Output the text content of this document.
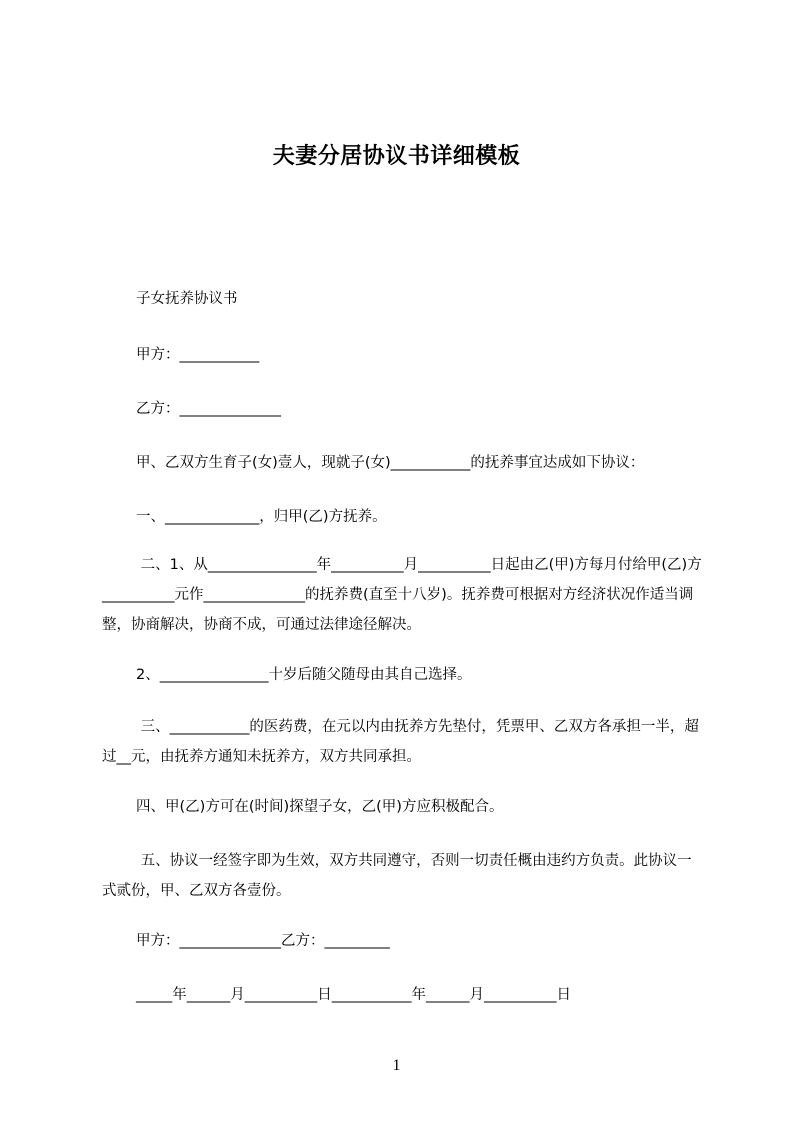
夫妻分居协议书详细模板
子女抚养协议书
甲方：___________
乙方：______________
甲、乙双方生育子(女)壹人，现就子(女)___________的抚养事宜达成如下协议：
一、_____________，归甲(乙)方抚养。
二、1、从_______________年__________月__________日起由乙(甲)方每月付给甲(乙)方__________元作______________的抚养费(直至十八岁)。抚养费可根据对方经济状况作适当调整，协商解决，协商不成，可通过法律途径解决。
2、_______________十岁后随父随母由其自己选择。
三、___________的医药费，在元以内由抚养方先垫付，凭票甲、乙双方各承担一半，超过__元，由抚养方通知未抚养方，双方共同承担。
四、甲(乙)方可在(时间)探望子女，乙(甲)方应积极配合。
五、协议一经签字即为生效，双方共同遵守，否则一切责任概由违约方负责。此协议一式贰份，甲、乙双方各壹份。
甲方：______________乙方：_________
_____年______月__________日___________年______月__________日
1
